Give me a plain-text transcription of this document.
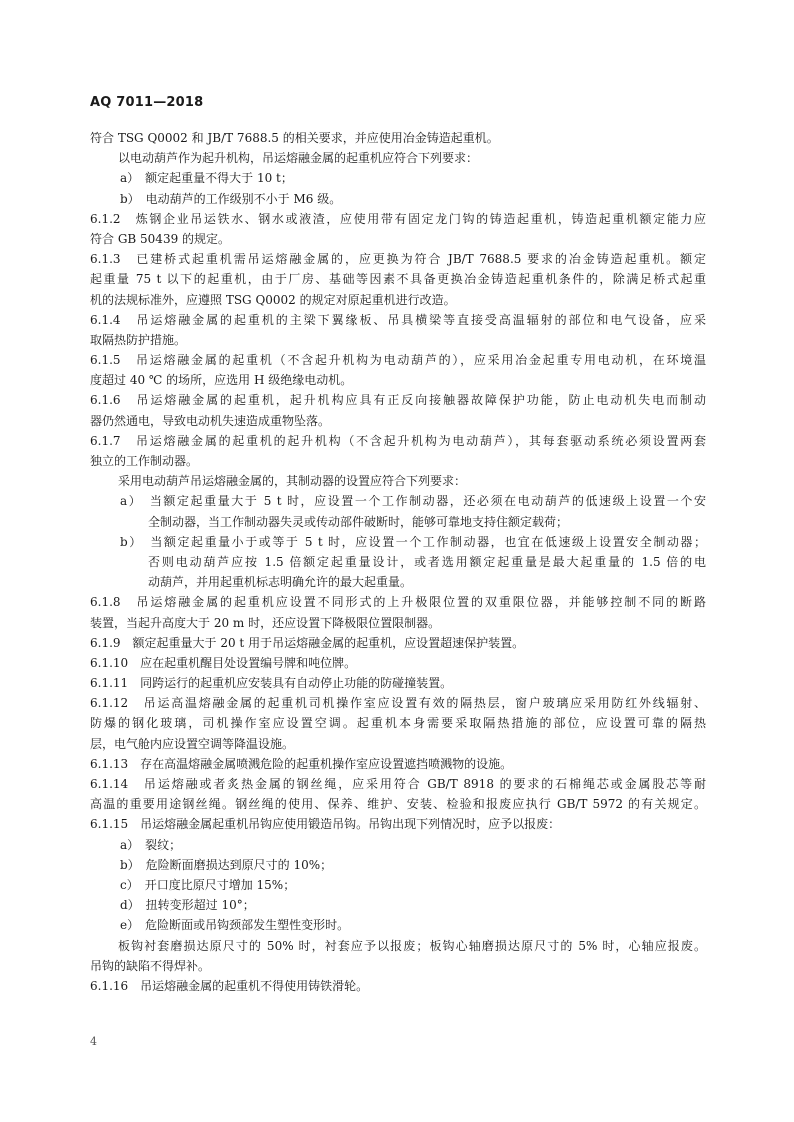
AQ 7011—2018
符合 TSG Q0002 和 JB/T 7688.5 的相关要求，并应使用冶金铸造起重机。
以电动葫芦作为起升机构，吊运熔融金属的起重机应符合下列要求：
a）　额定起重量不得大于 10 t；
b）　电动葫芦的工作级别不小于 M6 级。
6.1.2　炼钢企业吊运铁水、钢水或液渣，应使用带有固定龙门钩的铸造起重机，铸造起重机额定能力应
符合 GB 50439 的规定。
6.1.3　已建桥式起重机需吊运熔融金属的，应更换为符合 JB/T 7688.5 要求的冶金铸造起重机。额定
起重量 75 t 以下的起重机，由于厂房、基础等因素不具备更换冶金铸造起重机条件的，除满足桥式起重
机的法规标准外，应遵照 TSG Q0002 的规定对原起重机进行改造。
6.1.4　吊运熔融金属的起重机的主梁下翼缘板、吊具横梁等直接受高温辐射的部位和电气设备，应采
取隔热防护措施。
6.1.5　吊运熔融金属的起重机（不含起升机构为电动葫芦的），应采用冶金起重专用电动机，在环境温
度超过 40 ℃ 的场所，应选用 H 级绝缘电动机。
6.1.6　吊运熔融金属的起重机，起升机构应具有正反向接触器故障保护功能，防止电动机失电而制动
器仍然通电，导致电动机失速造成重物坠落。
6.1.7　吊运熔融金属的起重机的起升机构（不含起升机构为电动葫芦），其每套驱动系统必须设置两套
独立的工作制动器。
采用电动葫芦吊运熔融金属的，其制动器的设置应符合下列要求：
a）　当额定起重量大于 5 t 时，应设置一个工作制动器，还必须在电动葫芦的低速级上设置一个安
全制动器，当工作制动器失灵或传动部件破断时，能够可靠地支持住额定载荷；
b）　当额定起重量小于或等于 5 t 时，应设置一个工作制动器，也宜在低速级上设置安全制动器；
否则电动葫芦应按 1.5 倍额定起重量设计，或者选用额定起重量是最大起重量的 1.5 倍的电
动葫芦，并用起重机标志明确允许的最大起重量。
6.1.8　吊运熔融金属的起重机应设置不同形式的上升极限位置的双重限位器，并能够控制不同的断路
装置，当起升高度大于 20 m 时，还应设置下降极限位置限制器。
6.1.9　额定起重量大于 20 t 用于吊运熔融金属的起重机，应设置超速保护装置。
6.1.10　应在起重机醒目处设置编号牌和吨位牌。
6.1.11　同跨运行的起重机应安装具有自动停止功能的防碰撞装置。
6.1.12　吊运高温熔融金属的起重机司机操作室应设置有效的隔热层，窗户玻璃应采用防红外线辐射、
防爆的钢化玻璃，司机操作室应设置空调。起重机本身需要采取隔热措施的部位，应设置可靠的隔热
层，电气舱内应设置空调等降温设施。
6.1.13　存在高温熔融金属喷溅危险的起重机操作室应设置遮挡喷溅物的设施。
6.1.14　吊运熔融或者炙热金属的钢丝绳，应采用符合 GB/T 8918 的要求的石棉绳芯或金属股芯等耐
高温的重要用途钢丝绳。钢丝绳的使用、保养、维护、安装、检验和报废应执行 GB/T 5972 的有关规定。
6.1.15　吊运熔融金属起重机吊钩应使用锻造吊钩。吊钩出现下列情况时，应予以报废：
a）　裂纹；
b）　危险断面磨损达到原尺寸的 10%；
c）　开口度比原尺寸增加 15%；
d）　扭转变形超过 10°；
e）　危险断面或吊钩颈部发生塑性变形时。
板钩衬套磨损达原尺寸的 50% 时，衬套应予以报废；板钩心轴磨损达原尺寸的 5% 时，心轴应报废。
吊钩的缺陷不得焊补。
6.1.16　吊运熔融金属的起重机不得使用铸铁滑轮。
4
